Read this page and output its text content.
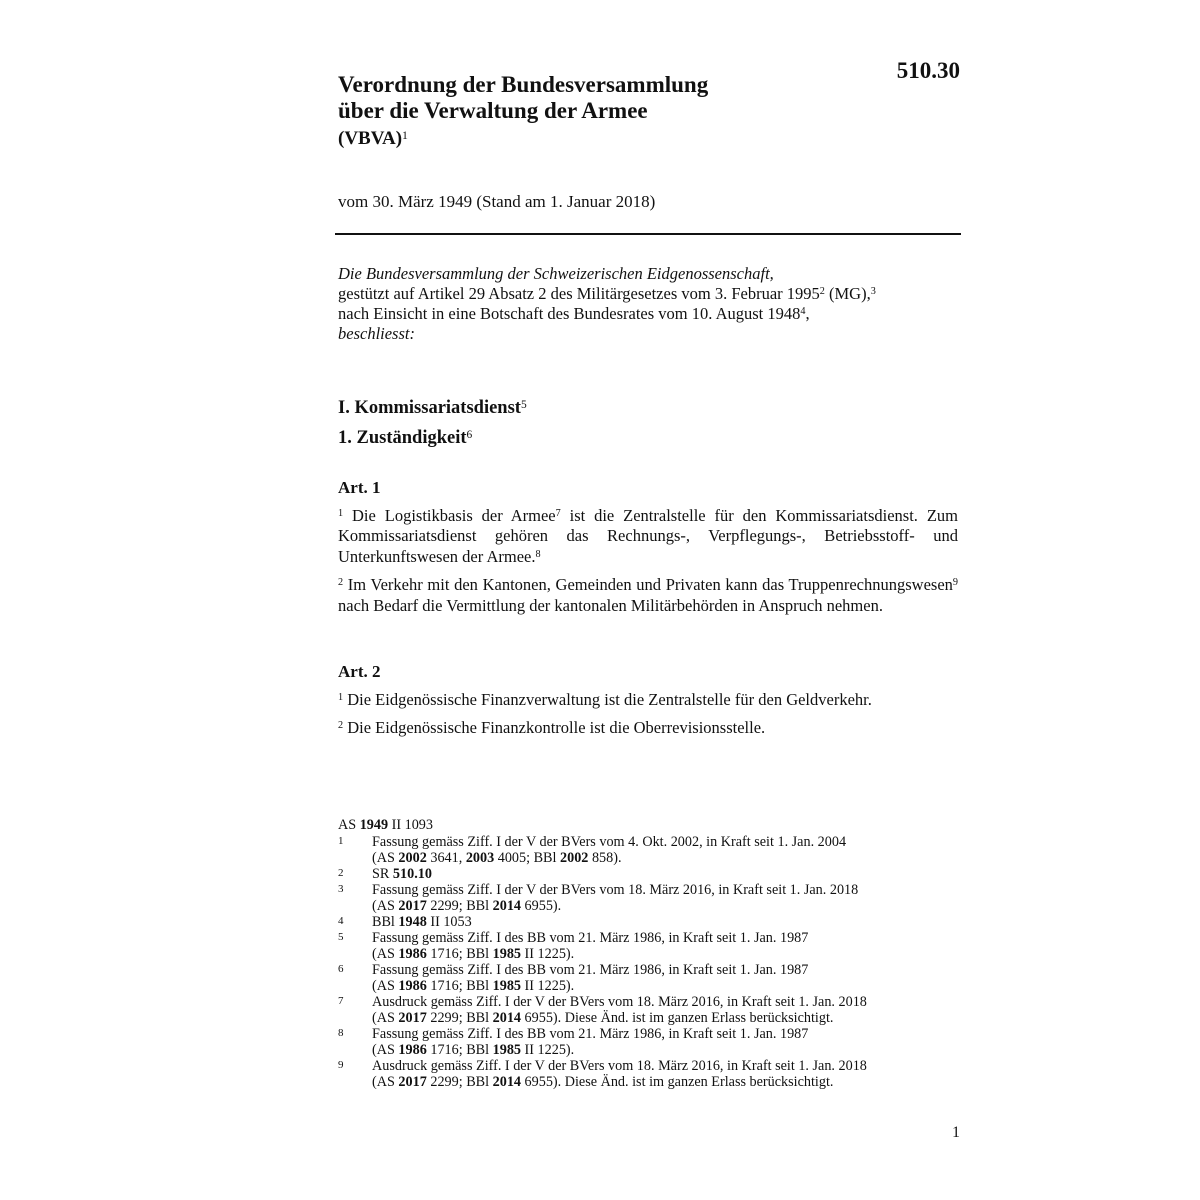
510.30
Verordnung der Bundesversammlung
über die Verwaltung der Armee
(VBVA)$^1$
vom 30. März 1949 (Stand am 1. Januar 2018)

Die Bundesversammlung der Schweizerischen Eidgenossenschaft,

gestützt auf Artikel 29 Absatz 2 des Militärgesetzes vom 3. Februar 1995$^2$ (MG),$^3$

nach Einsicht in eine Botschaft des Bundesrates vom 10. August 1948$^4$,

beschliesst:

I. Kommissariatsdienst$^5$
1. Zuständigkeit$^6$
Art. 1

$^1$ Die Logistikbasis der Armee$^7$ ist die Zentralstelle für den Kommissariatsdienst. Zum Kommissariatsdienst gehören das Rechnungs-, Verpflegungs-, Betriebsstoff- und Unterkunftswesen der Armee.$^8$

$^2$ Im Verkehr mit den Kantonen, Gemeinden und Privaten kann das Truppenrechnungswesen$^9$ nach Bedarf die Vermittlung der kantonalen Militärbehörden in Anspruch nehmen.

Art. 2

$^1$ Die Eidgenössische Finanzverwaltung ist die Zentralstelle für den Geldverkehr.

$^2$ Die Eidgenössische Finanzkontrolle ist die Oberrevisionsstelle.

AS 1949 II 1093
1	Fassung gemäss Ziff. I der V der BVers vom 4. Okt. 2002, in Kraft seit 1. Jan. 2004
(AS 2002 3641, 2003 4005; BBl 2002 858).
2	SR 510.10
3	Fassung gemäss Ziff. I der V der BVers vom 18. März 2016, in Kraft seit 1. Jan. 2018
(AS 2017 2299; BBl 2014 6955).
4	BBl 1948 II 1053
5	Fassung gemäss Ziff. I des BB vom 21. März 1986, in Kraft seit 1. Jan. 1987
(AS 1986 1716; BBl 1985 II 1225).
6	Fassung gemäss Ziff. I des BB vom 21. März 1986, in Kraft seit 1. Jan. 1987
(AS 1986 1716; BBl 1985 II 1225).
7	Ausdruck gemäss Ziff. I der V der BVers vom 18. März 2016, in Kraft seit 1. Jan. 2018
(AS 2017 2299; BBl 2014 6955). Diese Änd. ist im ganzen Erlass berücksichtigt.
8	Fassung gemäss Ziff. I des BB vom 21. März 1986, in Kraft seit 1. Jan. 1987
(AS 1986 1716; BBl 1985 II 1225).
9	Ausdruck gemäss Ziff. I der V der BVers vom 18. März 2016, in Kraft seit 1. Jan. 2018
(AS 2017 2299; BBl 2014 6955). Diese Änd. ist im ganzen Erlass berücksichtigt.
1
